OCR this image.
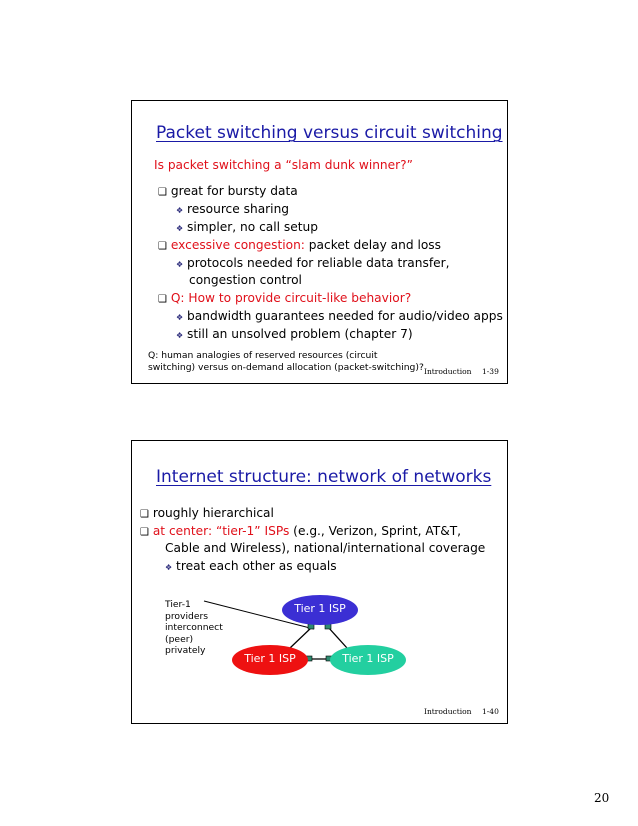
Packet switching versus circuit switching
Is packet switching a “slam dunk winner?”
❑ great for bursty data
❖ resource sharing
❖ simpler, no call setup
❑ excessive congestion: packet delay and loss
❖ protocols needed for reliable data transfer,
congestion control
❑ Q: How to provide circuit-like behavior?
❖ bandwidth guarantees needed for audio/video apps
❖ still an unsolved problem (chapter 7)
Q: human analogies of reserved resources (circuit
switching) versus on-demand allocation (packet-switching)? Introduction 1-39
Internet structure: network of networks
❑ roughly hierarchical
❑ at center: “tier-1” ISPs (e.g., Verizon, Sprint, AT&T,
Cable and Wireless), national/international coverage
❖ treat each other as equals
Tier-1
providers
interconnect
(peer)
privately
Tier 1 ISP
Tier 1 ISP	Tier 1 ISP
Introduction 1-40
20
